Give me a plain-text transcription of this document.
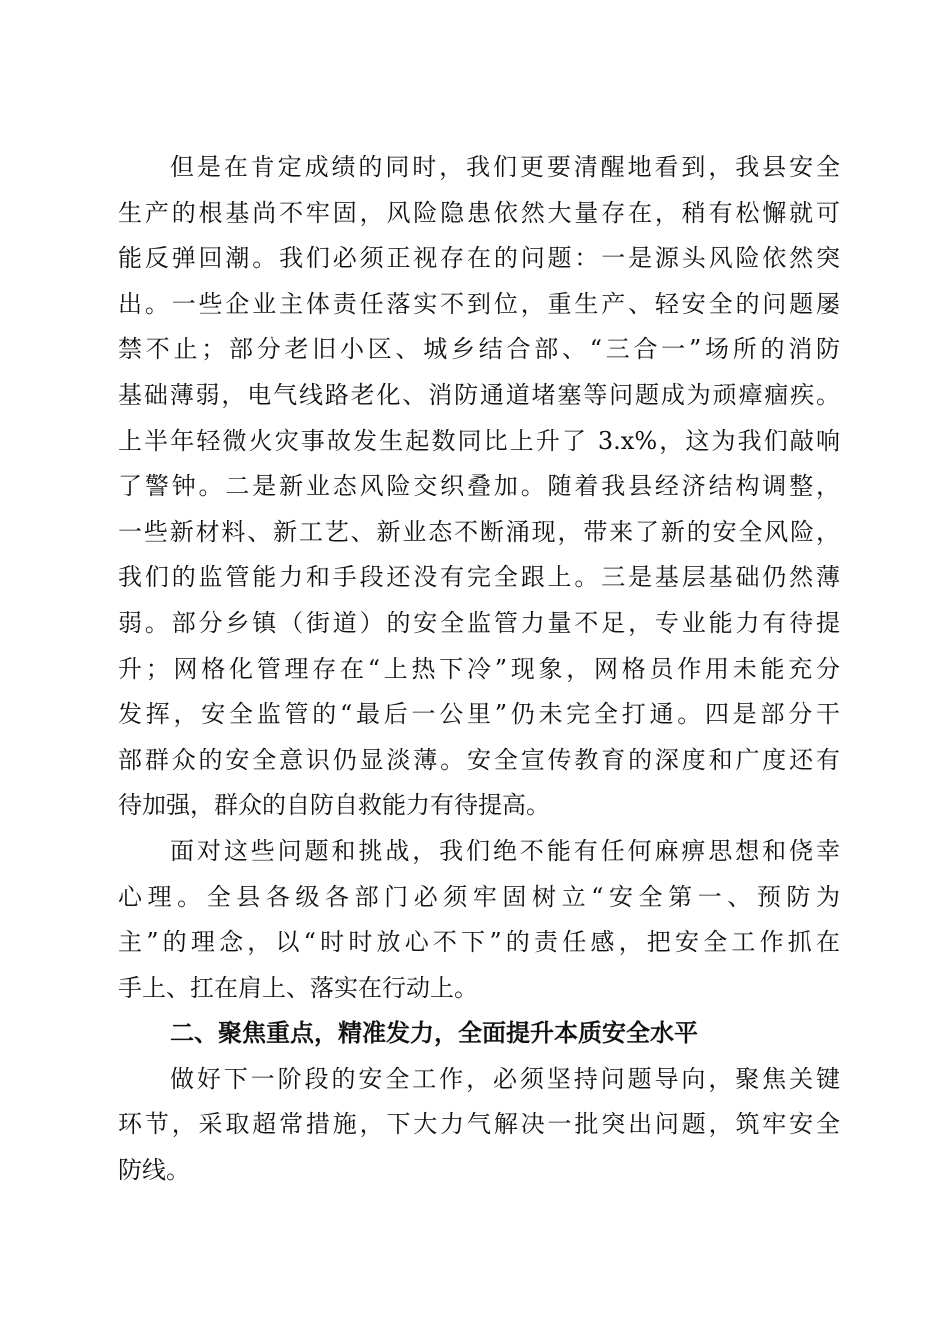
但是在肯定成绩的同时，我们更要清醒地看到，我县安全
生产的根基尚不牢固，风险隐患依然大量存在，稍有松懈就可
能反弹回潮。我们必须正视存在的问题：一是源头风险依然突
出。一些企业主体责任落实不到位，重生产、轻安全的问题屡
禁不止；部分老旧小区、城乡结合部、“三合一”场所的消防
基础薄弱，电气线路老化、消防通道堵塞等问题成为顽瘴痼疾。
上半年轻微火灾事故发生起数同比上升了 3.x%，这为我们敲响
了警钟。二是新业态风险交织叠加。随着我县经济结构调整，
一些新材料、新工艺、新业态不断涌现，带来了新的安全风险，
我们的监管能力和手段还没有完全跟上。三是基层基础仍然薄
弱。部分乡镇（街道）的安全监管力量不足，专业能力有待提
升；网格化管理存在“上热下冷”现象，网格员作用未能充分
发挥，安全监管的“最后一公里”仍未完全打通。四是部分干
部群众的安全意识仍显淡薄。安全宣传教育的深度和广度还有
待加强，群众的自防自救能力有待提高。
面对这些问题和挑战，我们绝不能有任何麻痹思想和侥幸
心理。全县各级各部门必须牢固树立“安全第一、预防为
主”的理念，以“时时放心不下”的责任感，把安全工作抓在
手上、扛在肩上、落实在行动上。
二、聚焦重点，精准发力，全面提升本质安全水平
做好下一阶段的安全工作，必须坚持问题导向，聚焦关键
环节，采取超常措施，下大力气解决一批突出问题，筑牢安全
防线。
